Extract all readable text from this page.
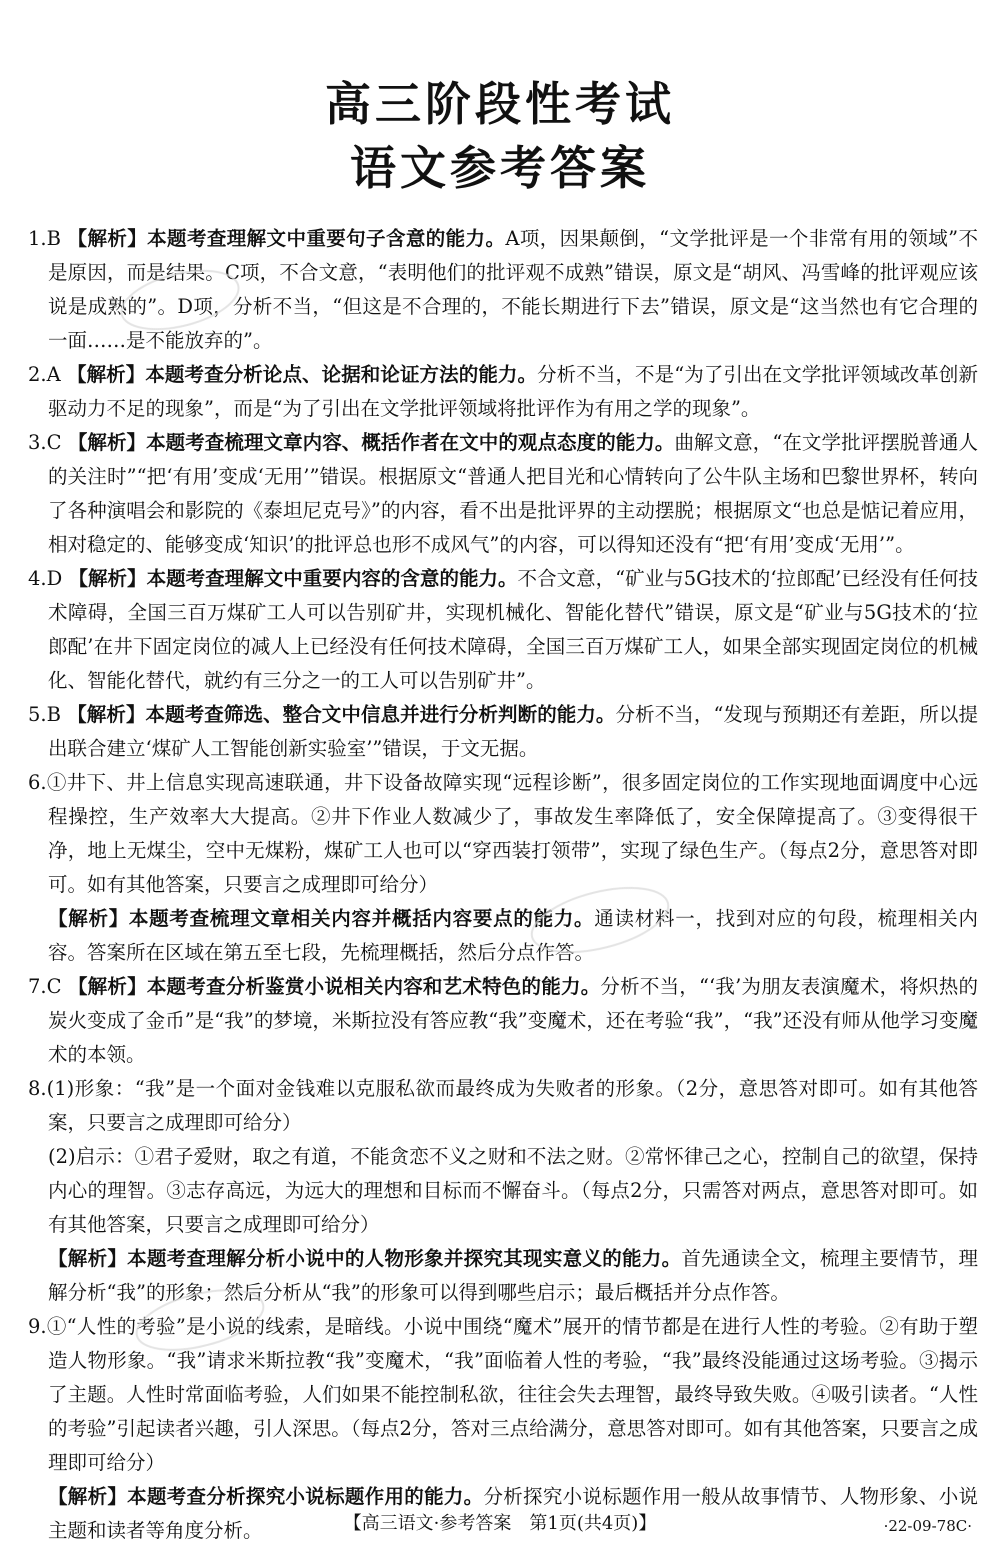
高三阶段性考试
语文参考答案

1.B 【解析】本题考查理解文中重要句子含意的能力。A项，因果颠倒，“文学批评是一个非常有用的领域”不是原因，而是结果。C项，不合文意，“表明他们的批评观不成熟”错误，原文是“胡风、冯雪峰的批评观应该说是成熟的”。D项，分析不当，“但这是不合理的，不能长期进行下去”错误，原文是“这当然也有它合理的一面……是不能放弃的”。

2.A 【解析】本题考查分析论点、论据和论证方法的能力。分析不当，不是“为了引出在文学批评领域改革创新驱动力不足的现象”，而是“为了引出在文学批评领域将批评作为有用之学的现象”。

3.C 【解析】本题考查梳理文章内容、概括作者在文中的观点态度的能力。曲解文意，“在文学批评摆脱普通人的关注时”“把‘有用’变成‘无用’”错误。根据原文“普通人把目光和心情转向了公牛队主场和巴黎世界杯，转向了各种演唱会和影院的《泰坦尼克号》”的内容，看不出是批评界的主动摆脱；根据原文“也总是惦记着应用，相对稳定的、能够变成‘知识’的批评总也形不成风气”的内容，可以得知还没有“把‘有用’变成‘无用’”。

4.D 【解析】本题考查理解文中重要内容的含意的能力。不合文意，“矿业与5G技术的‘拉郎配’已经没有任何技术障碍，全国三百万煤矿工人可以告别矿井，实现机械化、智能化替代”错误，原文是“矿业与5G技术的‘拉郎配’在井下固定岗位的减人上已经没有任何技术障碍，全国三百万煤矿工人，如果全部实现固定岗位的机械化、智能化替代，就约有三分之一的工人可以告别矿井”。

5.B 【解析】本题考查筛选、整合文中信息并进行分析判断的能力。分析不当，“发现与预期还有差距，所以提出联合建立‘煤矿人工智能创新实验室’”错误，于文无据。

6.①井下、井上信息实现高速联通，井下设备故障实现“远程诊断”，很多固定岗位的工作实现地面调度中心远程操控，生产效率大大提高。②井下作业人数减少了，事故发生率降低了，安全保障提高了。③变得很干净，地上无煤尘，空中无煤粉，煤矿工人也可以“穿西装打领带”，实现了绿色生产。（每点2分，意思答对即可。如有其他答案，只要言之成理即可给分）

【解析】本题考查梳理文章相关内容并概括内容要点的能力。通读材料一，找到对应的句段，梳理相关内容。答案所在区域在第五至七段，先梳理概括，然后分点作答。

7.C 【解析】本题考查分析鉴赏小说相关内容和艺术特色的能力。分析不当，“‘我’为朋友表演魔术，将炽热的炭火变成了金币”是“我”的梦境，米斯拉没有答应教“我”变魔术，还在考验“我”，“我”还没有师从他学习变魔术的本领。

8.(1)形象：“我”是一个面对金钱难以克服私欲而最终成为失败者的形象。（2分，意思答对即可。如有其他答案，只要言之成理即可给分）

(2)启示：①君子爱财，取之有道，不能贪恋不义之财和不法之财。②常怀律己之心，控制自己的欲望，保持内心的理智。③志存高远，为远大的理想和目标而不懈奋斗。（每点2分，只需答对两点，意思答对即可。如有其他答案，只要言之成理即可给分）

【解析】本题考查理解分析小说中的人物形象并探究其现实意义的能力。首先通读全文，梳理主要情节，理解分析“我”的形象；然后分析从“我”的形象可以得到哪些启示；最后概括并分点作答。

9.①“人性的考验”是小说的线索，是暗线。小说中围绕“魔术”展开的情节都是在进行人性的考验。②有助于塑造人物形象。“我”请求米斯拉教“我”变魔术，“我”面临着人性的考验，“我”最终没能通过这场考验。③揭示了主题。人性时常面临考验，人们如果不能控制私欲，往往会失去理智，最终导致失败。④吸引读者。“人性的考验”引起读者兴趣，引人深思。（每点2分，答对三点给满分，意思答对即可。如有其他答案，只要言之成理即可给分）

【解析】本题考查分析探究小说标题作用的能力。分析探究小说标题作用一般从故事情节、人物形象、小说主题和读者等角度分析。	【高三语文·参考答案　第1页(共4页)】	·22-09-78C·
